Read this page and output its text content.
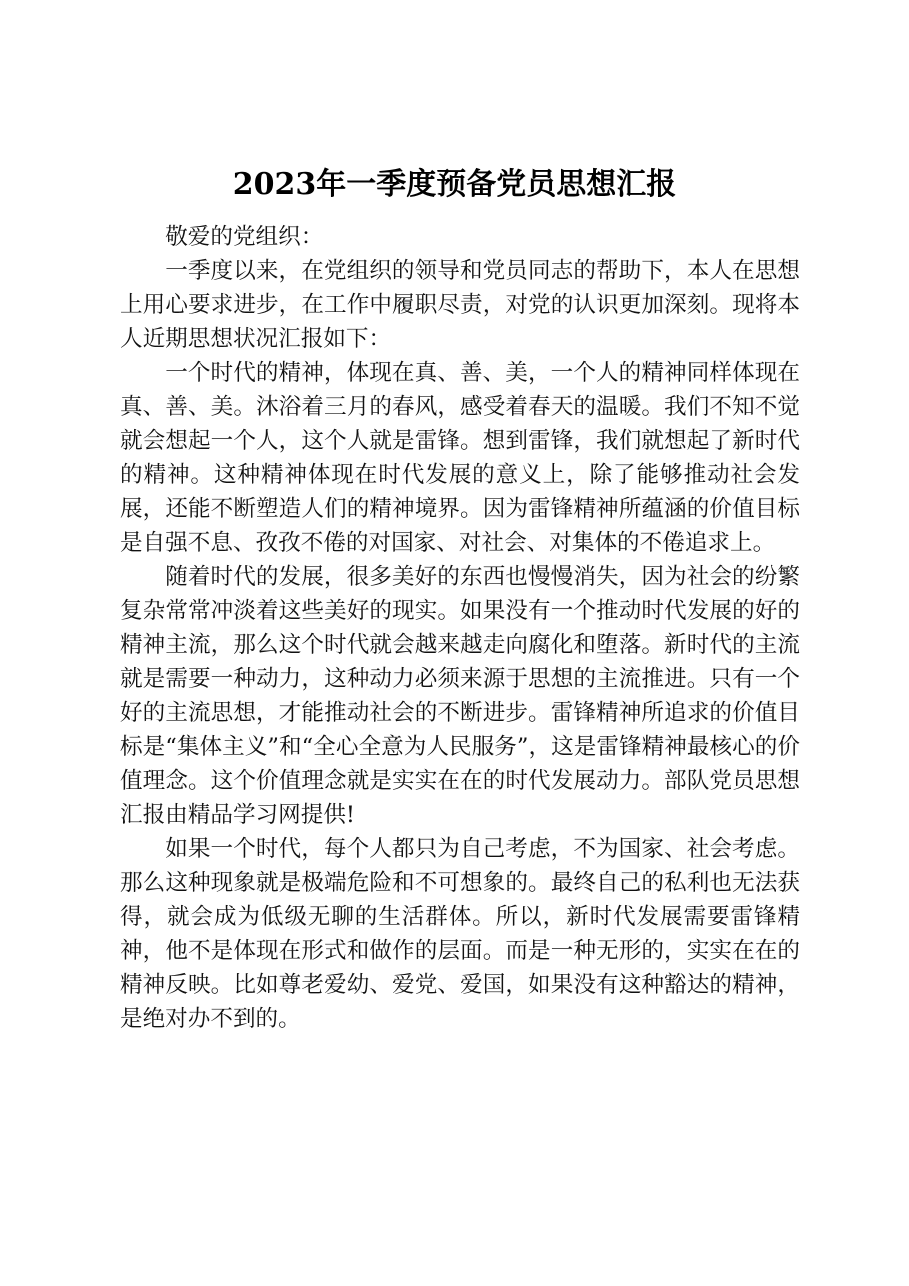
2023年一季度预备党员思想汇报

敬爱的党组织：

一季度以来，在党组织的领导和党员同志的帮助下，本人在思想上用心要求进步，在工作中履职尽责，对党的认识更加深刻。现将本人近期思想状况汇报如下：

一个时代的精神，体现在真、善、美，一个人的精神同样体现在真、善、美。沐浴着三月的春风，感受着春天的温暖。我们不知不觉就会想起一个人，这个人就是雷锋。想到雷锋，我们就想起了新时代的精神。这种精神体现在时代发展的意义上，除了能够推动社会发展，还能不断塑造人们的精神境界。因为雷锋精神所蕴涵的价值目标是自强不息、孜孜不倦的对国家、对社会、对集体的不倦追求上。

随着时代的发展，很多美好的东西也慢慢消失，因为社会的纷繁复杂常常冲淡着这些美好的现实。如果没有一个推动时代发展的好的精神主流，那么这个时代就会越来越走向腐化和堕落。新时代的主流就是需要一种动力，这种动力必须来源于思想的主流推进。只有一个好的主流思想，才能推动社会的不断进步。雷锋精神所追求的价值目标是“集体主义”和“全心全意为人民服务”，这是雷锋精神最核心的价值理念。这个价值理念就是实实在在的时代发展动力。部队党员思想汇报由精品学习网提供!

如果一个时代，每个人都只为自己考虑，不为国家、社会考虑。那么这种现象就是极端危险和不可想象的。最终自己的私利也无法获得，就会成为低级无聊的生活群体。所以，新时代发展需要雷锋精神，他不是体现在形式和做作的层面。而是一种无形的，实实在在的精神反映。比如尊老爱幼、爱党、爱国，如果没有这种豁达的精神，是绝对办不到的。
